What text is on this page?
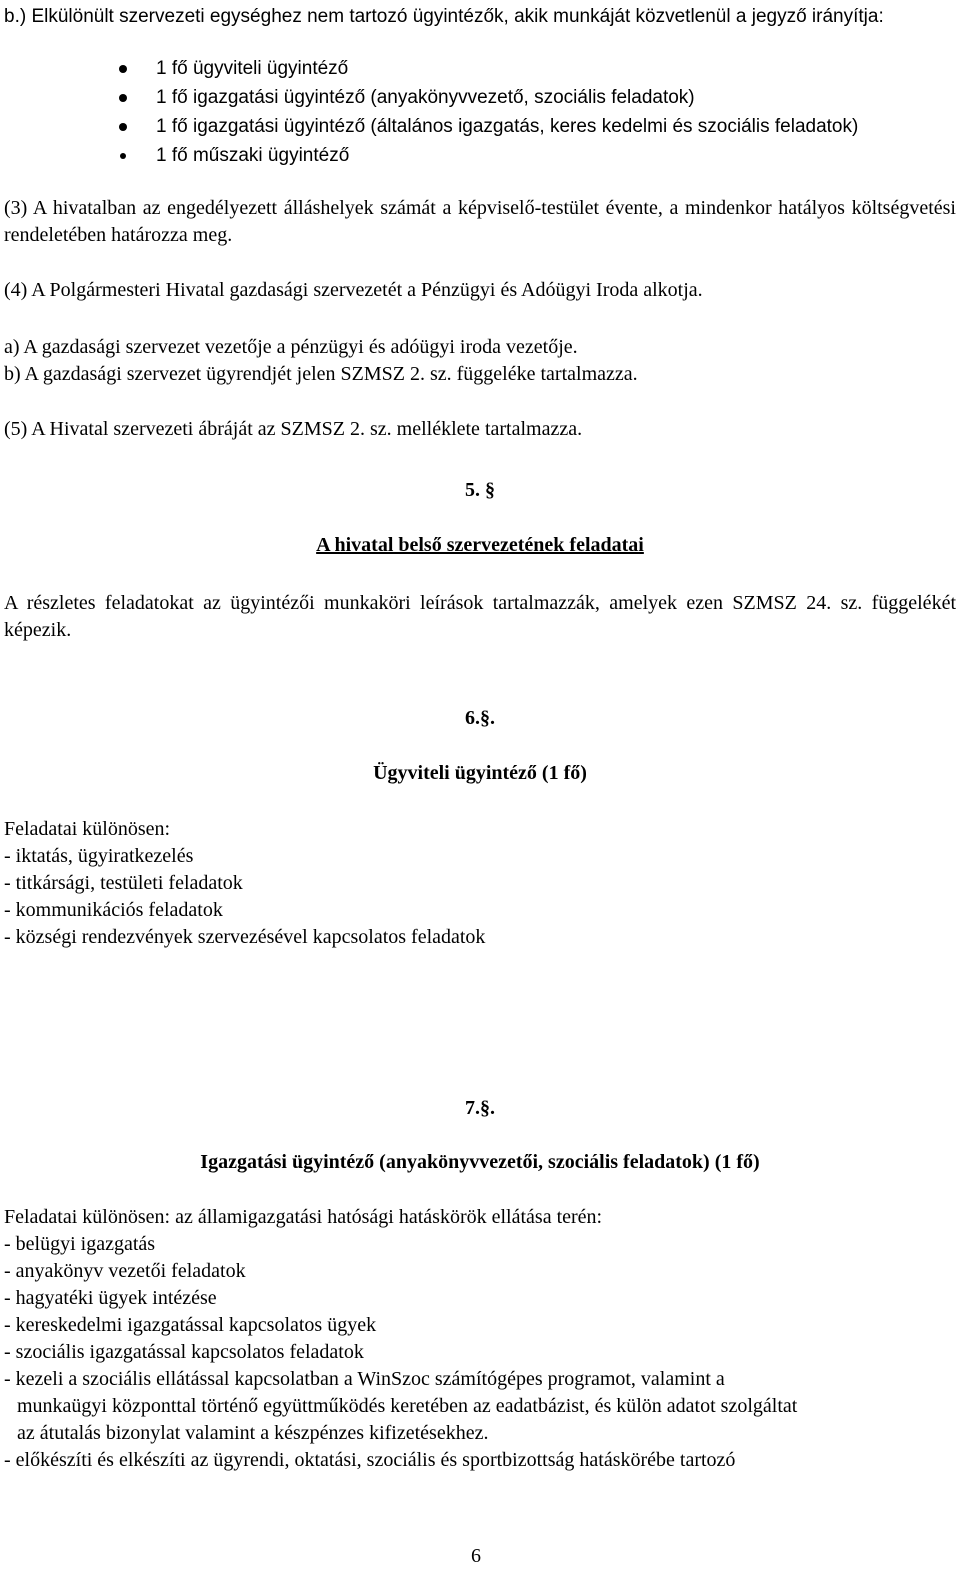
b.) Elkülönült szervezeti egységhez nem tartozó ügyintézők, akik munkáját közvetlenül a jegyző irányítja:

1 fő ügyviteli ügyintéző
1 fő igazgatási ügyintéző (anyakönyvvezető, szociális feladatok)
1 fő igazgatási ügyintéző (általános igazgatás, keres kedelmi és szociális feladatok)
1 fő műszaki ügyintéző

(3) A hivatalban az engedélyezett álláshelyek számát a képviselő-testület évente, a mindenkor hatályos költségvetési rendeletében határozza meg.

(4) A Polgármesteri Hivatal gazdasági szervezetét a Pénzügyi és Adóügyi Iroda alkotja.

a) A gazdasági szervezet vezetője a pénzügyi és adóügyi iroda vezetője.

b) A gazdasági szervezet ügyrendjét jelen SZMSZ 2. sz. függeléke tartalmazza.

(5) A Hivatal szervezeti ábráját az SZMSZ 2. sz. melléklete tartalmazza.

5. §

A hivatal belső szervezetének feladatai

A részletes feladatokat az ügyintézői munkaköri leírások tartalmazzák, amelyek ezen SZMSZ 24. sz. függelékét képezik.

6.§.

Ügyviteli ügyintéző (1 fő)

Feladatai különösen:

- iktatás, ügyiratkezelés
- titkársági, testületi feladatok
- kommunikációs feladatok
- községi rendezvények szervezésével kapcsolatos feladatok

7.§.

Igazgatási ügyintéző (anyakönyvvezetői, szociális feladatok) (1 fő)

Feladatai különösen: az államigazgatási hatósági hatáskörök ellátása terén:

- belügyi igazgatás
- anyakönyv vezetői feladatok
- hagyatéki ügyek intézése
- kereskedelmi igazgatással kapcsolatos ügyek
- szociális igazgatással kapcsolatos feladatok
- kezeli a szociális ellátással kapcsolatban a WinSzoc számítógépes programot, valamint a
munkaügyi központtal történő együttműködés keretében az eadatbázist, és külön adatot szolgáltat
az átutalás bizonylat valamint a készpénzes kifizetésekhez.
- előkészíti és elkészíti az ügyrendi, oktatási, szociális és sportbizottság hatáskörébe tartozó
6
